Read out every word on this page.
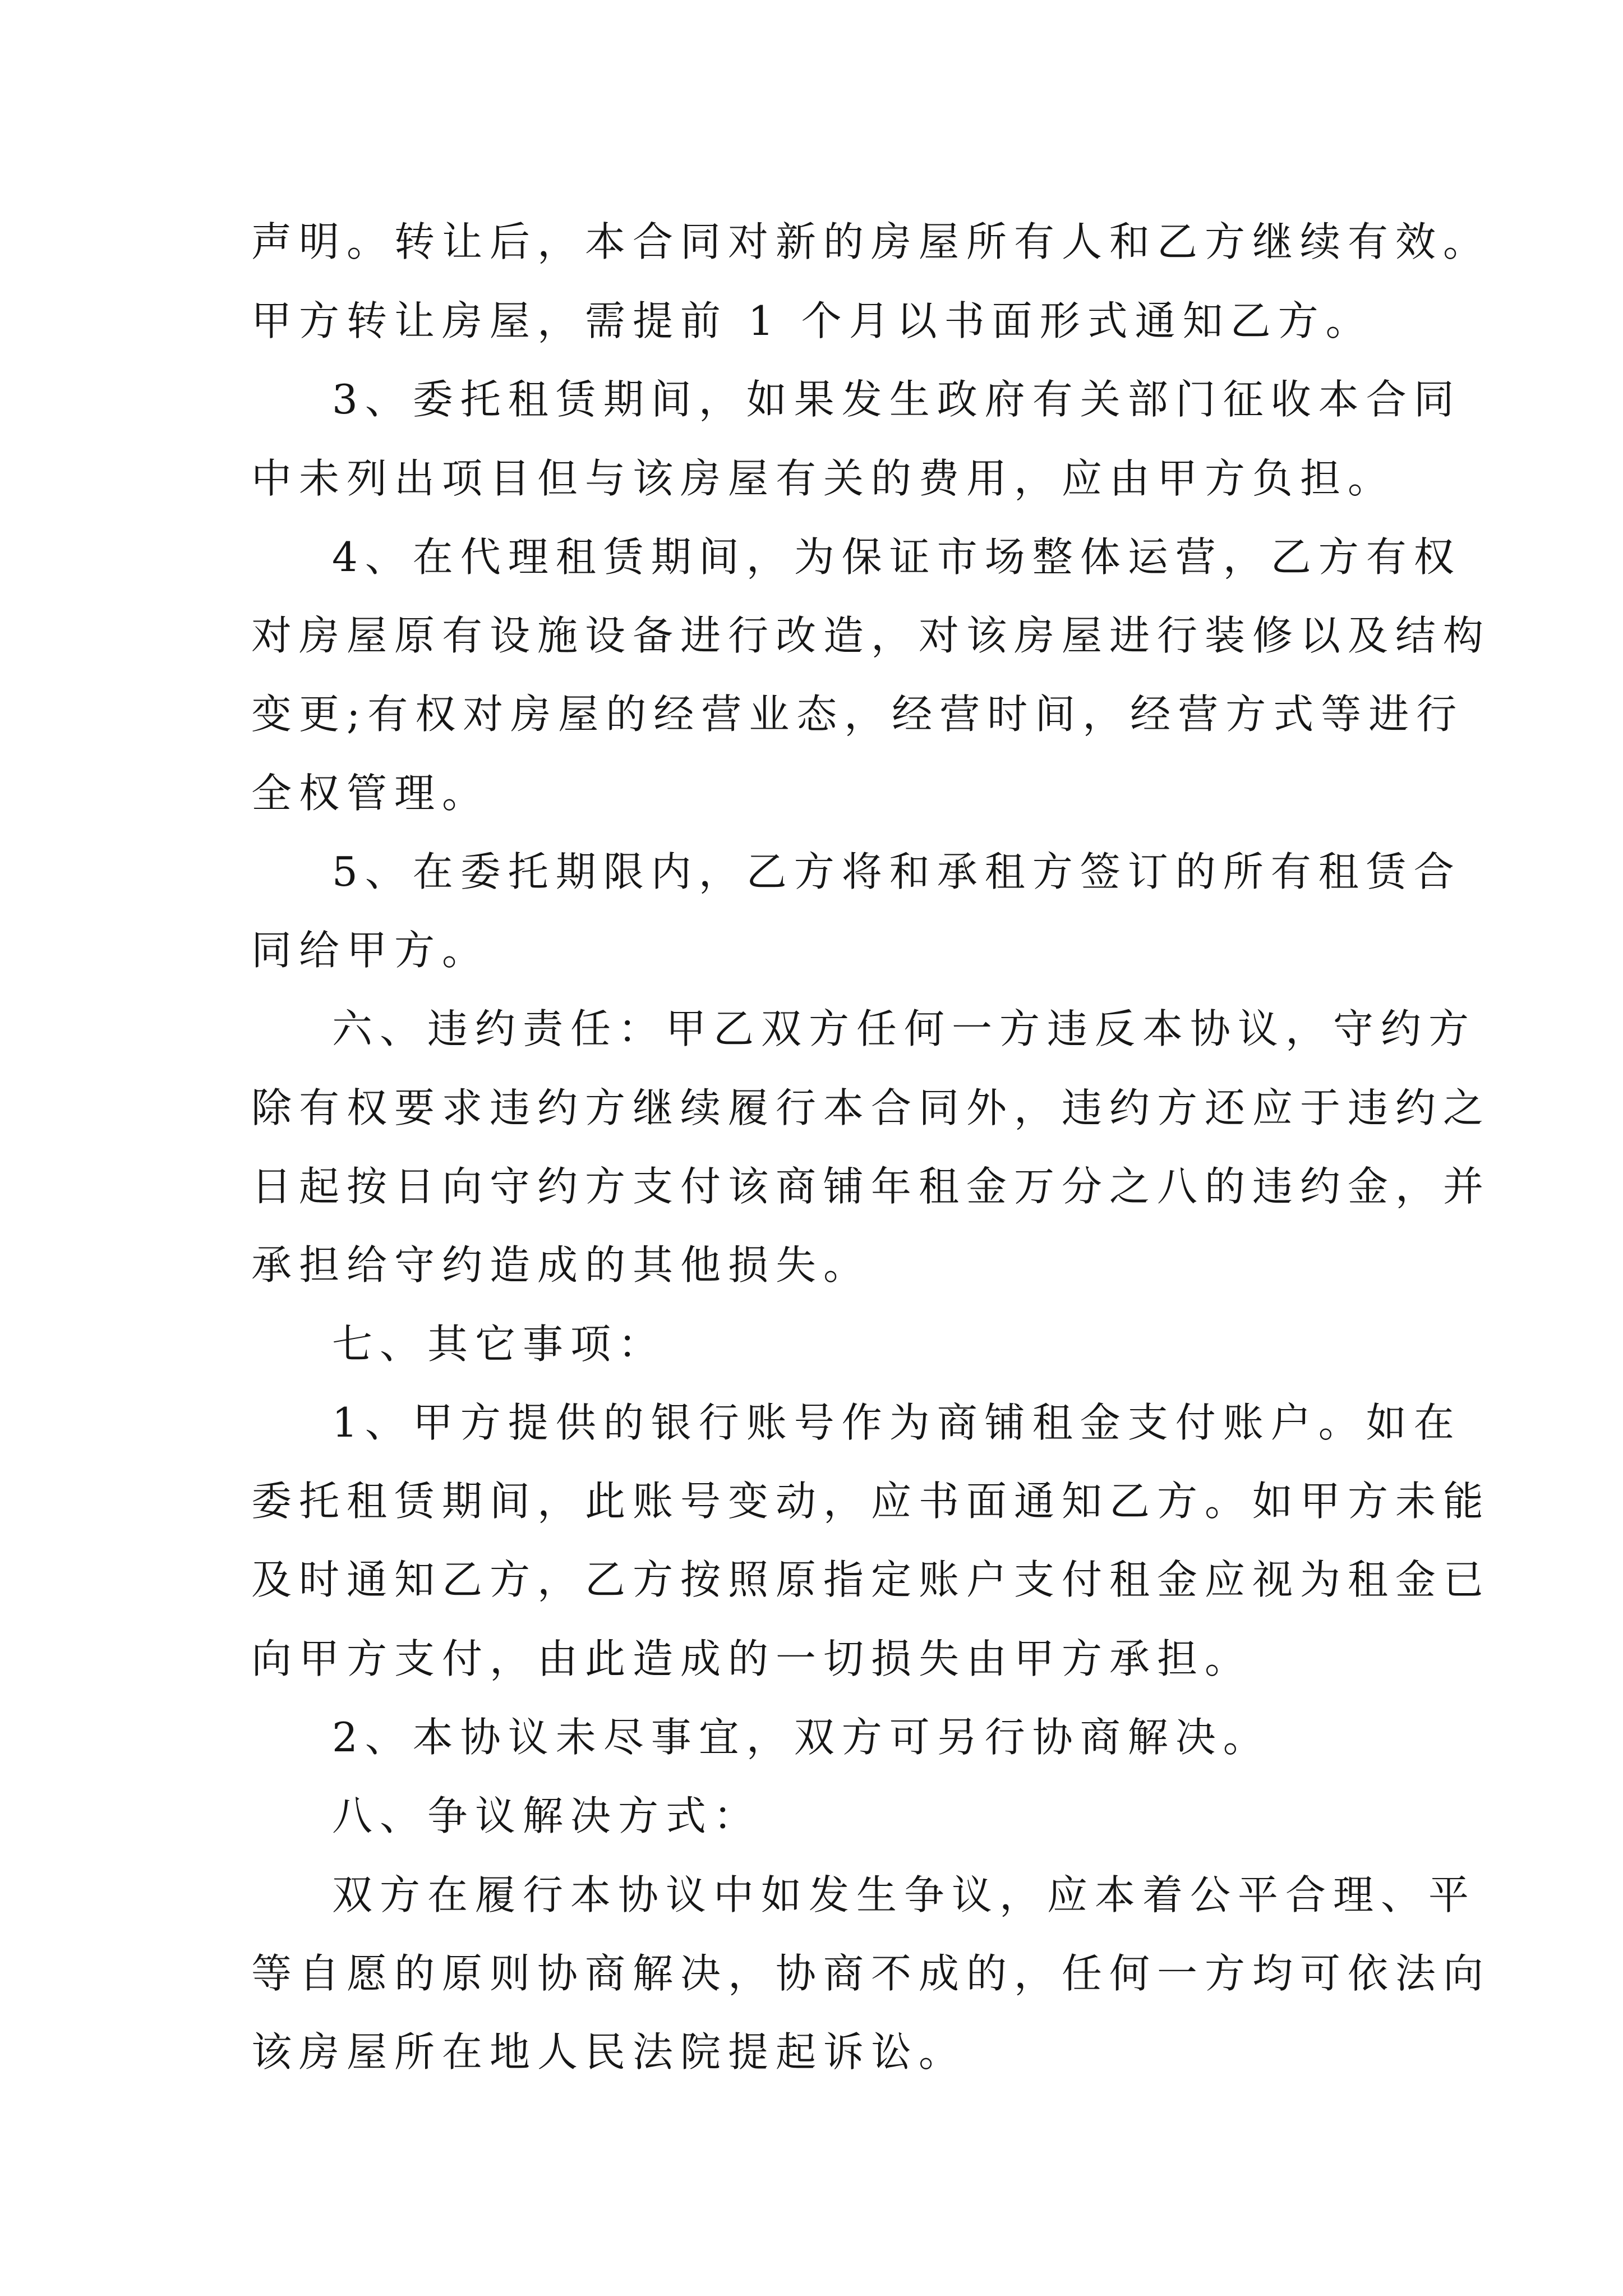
声明。转让后，本合同对新的房屋所有人和乙方继续有效。
甲方转让房屋，需提前 1 个月以书面形式通知乙方。
3、委托租赁期间，如果发生政府有关部门征收本合同
中未列出项目但与该房屋有关的费用，应由甲方负担。
4、在代理租赁期间，为保证市场整体运营，乙方有权
对房屋原有设施设备进行改造，对该房屋进行装修以及结构
变更;有权对房屋的经营业态，经营时间，经营方式等进行
全权管理。
5、在委托期限内，乙方将和承租方签订的所有租赁合
同给甲方。
六、违约责任：甲乙双方任何一方违反本协议，守约方
除有权要求违约方继续履行本合同外，违约方还应于违约之
日起按日向守约方支付该商铺年租金万分之八的违约金，并
承担给守约造成的其他损失。
七、其它事项：
1、甲方提供的银行账号作为商铺租金支付账户。如在
委托租赁期间，此账号变动，应书面通知乙方。如甲方未能
及时通知乙方，乙方按照原指定账户支付租金应视为租金已
向甲方支付，由此造成的一切损失由甲方承担。
2、本协议未尽事宜，双方可另行协商解决。
八、争议解决方式：
双方在履行本协议中如发生争议，应本着公平合理、平
等自愿的原则协商解决，协商不成的，任何一方均可依法向
该房屋所在地人民法院提起诉讼。
